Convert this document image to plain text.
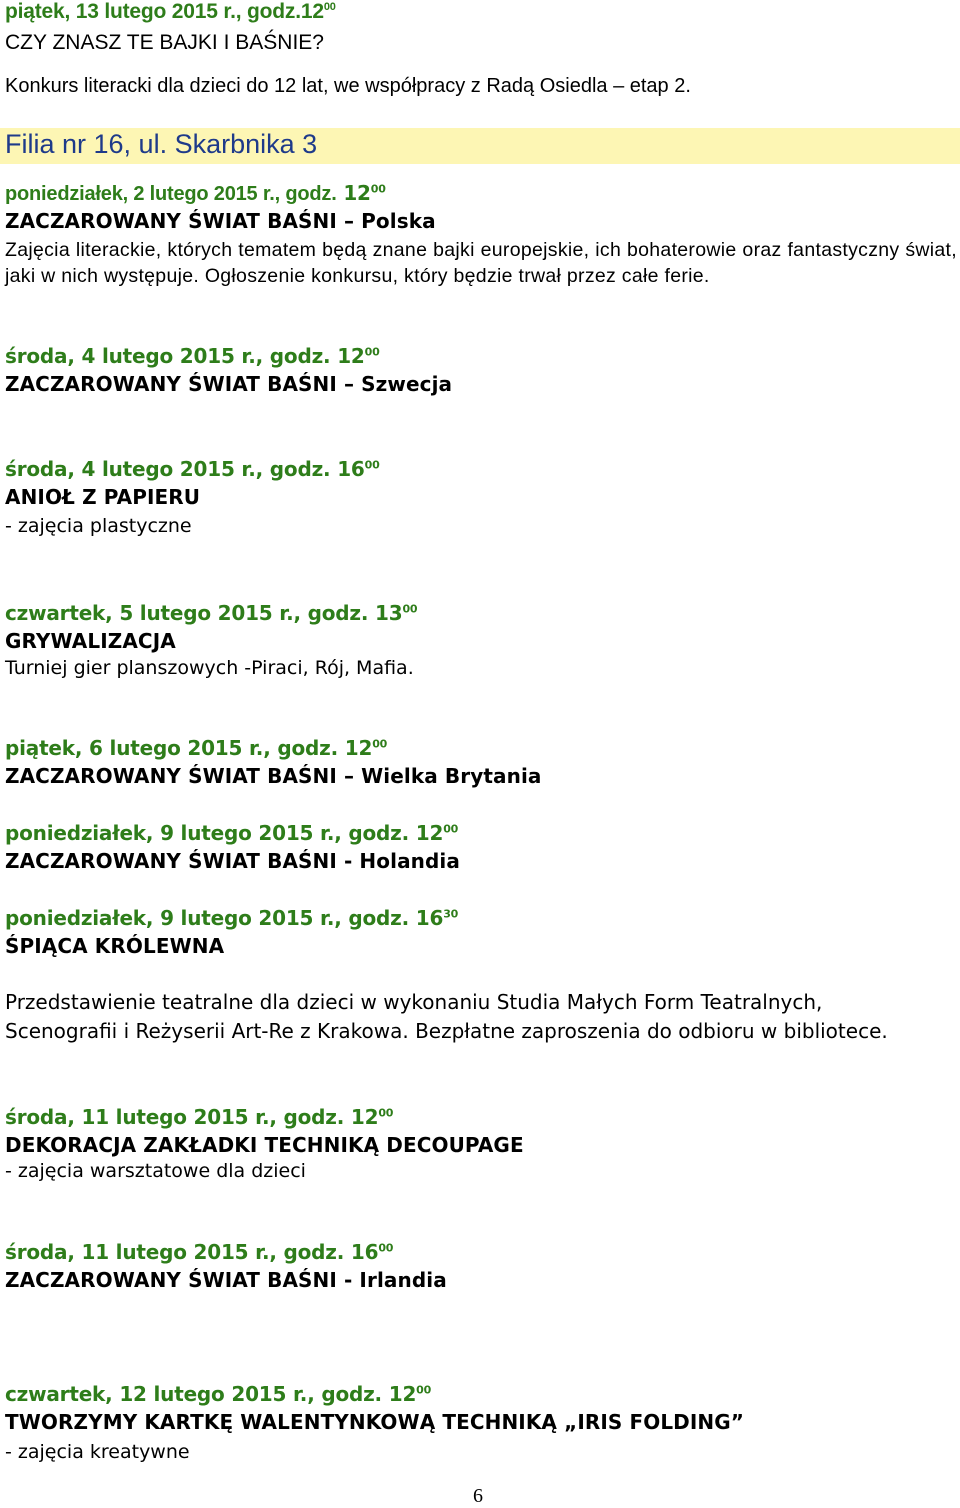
piątek, 13 lutego 2015 r., $godz.12^{00}$
CZY ZNASZ TE BAJKI I BAŚNIE?
Konkurs literacki dla dzieci do 12 lat, we współpracy z Radą Osiedla – etap 2.
Filia nr 16, ul. Skarbnika 3
poniedziałek, 2 lutego 2015 r., godz. $12^{00}$
ZACZAROWANY ŚWIAT BAŚNI – Polska
Zajęcia literackie, których tematem będą znane bajki europejskie, ich bohaterowie oraz fantastyczny świat, jaki w nich występuje. Ogłoszenie konkursu, który będzie trwał przez całe ferie.
środa, 4 lutego 2015 r., godz. $12^{00}$
ZACZAROWANY ŚWIAT BAŚNI – Szwecja
środa, 4 lutego 2015 r., godz. $16^{00}$
ANIOŁ Z PAPIERU
- zajęcia plastyczne
czwartek, 5 lutego 2015 r., godz. $13^{00}$
GRYWALIZACJA
Turniej gier planszowych -Piraci, Rój, Mafia.
piątek, 6 lutego 2015 r., godz. $12^{00}$
ZACZAROWANY ŚWIAT BAŚNI – Wielka Brytania
poniedziałek, 9 lutego 2015 r., godz. $12^{00}$
ZACZAROWANY ŚWIAT BAŚNI - Holandia
poniedziałek, 9 lutego 2015 r., godz. $16^{30}$
ŚPIĄCA KRÓLEWNA
Przedstawienie teatralne dla dzieci w wykonaniu Studia Małych Form Teatralnych, Scenografii i Reżyserii Art-Re z Krakowa. Bezpłatne zaproszenia do odbioru w bibliotece.
środa, 11 lutego 2015 r., godz. $12^{00}$
DEKORACJA ZAKŁADKI TECHNIKĄ DECOUPAGE
- zajęcia warsztatowe dla dzieci
środa, 11 lutego 2015 r., godz. $16^{00}$
ZACZAROWANY ŚWIAT BAŚNI - Irlandia
czwartek, 12 lutego 2015 r., godz. $12^{00}$
TWORZYMY KARTKĘ WALENTYNKOWĄ TECHNIKĄ „IRIS FOLDING”
- zajęcia kreatywne
6
